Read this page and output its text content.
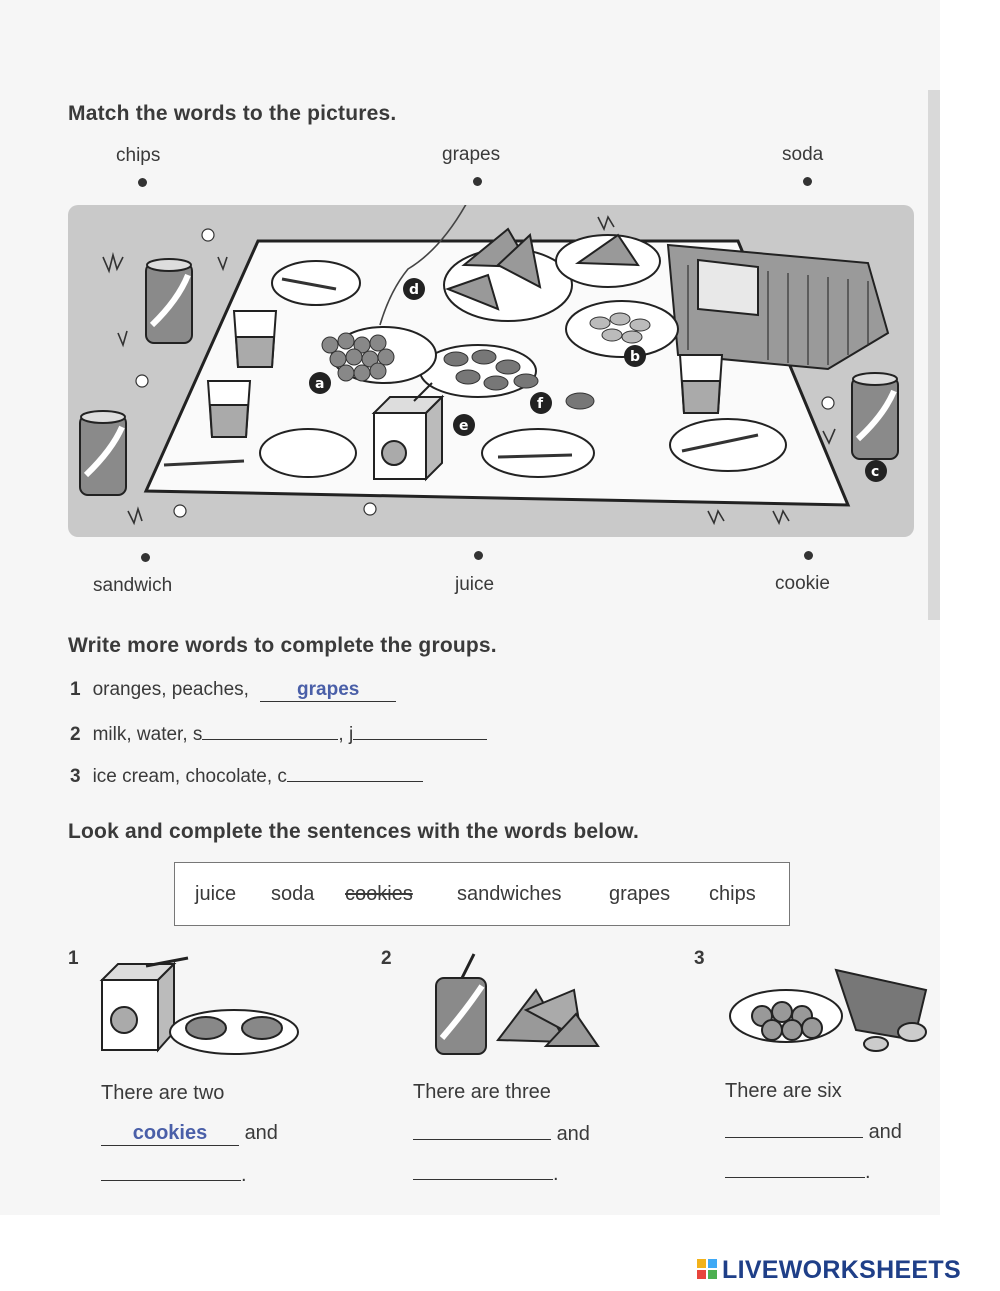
Match the words to the pictures.
chips	grapes	soda
a
b
c
d
e
f
sandwich	juice	cookie
Write more words to complete the groups.
1 oranges, peaches,	grapes
2 milk, water, s	, j
3 ice cream, chocolate, c
Look and complete the sentences with the words below.
juice soda cookies sandwiches grapes chips
1
There are two
cookies and
.
2
There are three
and
.
3
There are six
and
.
LIVEWORKSHEETS
